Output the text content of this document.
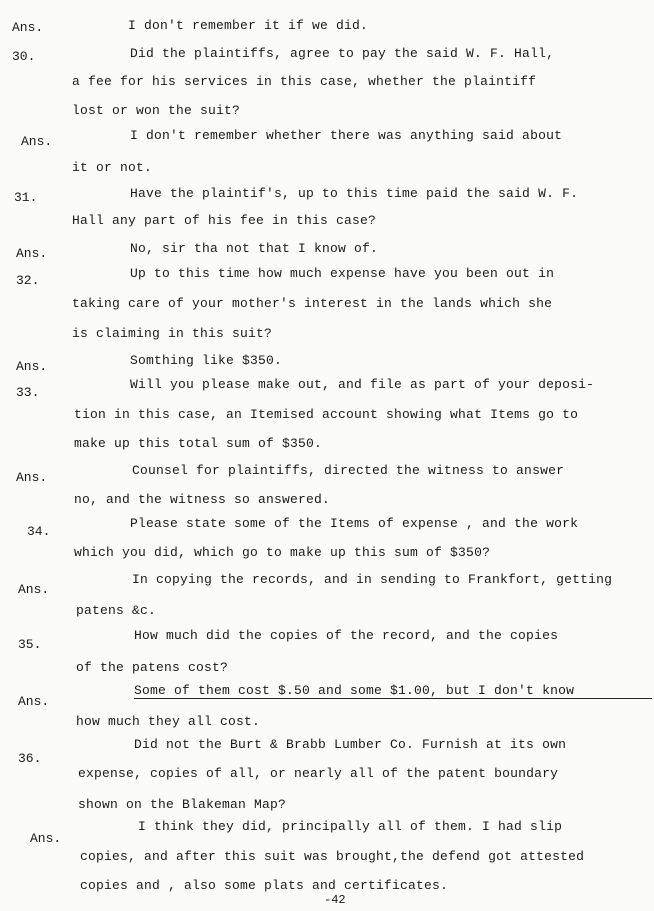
Ans.	I don't remember it if we did.
30.	Did the plaintiffs, agree to pay the said W. F. Hall,
a fee for his services in this case, whether the plaintiff
lost or won the suit?
Ans.	I don't remember whether there was anything said about
it or not.
31.	Have the plaintif's, up to this time paid the said W. F.
Hall any part of his fee in this case?
Ans.	No, sir tha not that I know of.
32.	Up to this time how much expense have you been out in
taking care of your mother's interest in the lands which she
is claiming in this suit?
Ans.	Somthing like $350.
33.
Will you please make out, and file as part of your deposi-
tion in this case, an Itemised account showing what Items go to
make up this total sum of $350.
Ans.	Counsel for plaintiffs, directed the witness to answer
no, and the witness so answered.
34.
Please state some of the Items of expense , and the work
which you did, which go to make up this sum of $350?
Ans.
In copying the records, and in sending to Frankfort, getting
patens &c.
35.
How much did the copies of the record, and the copies
of the patens cost?
Ans.
Some of them cost $.50 and some $1.00, but I don't know
how much they all cost.
36.
Did not the Burt & Brabb Lumber Co. Furnish at its own
expense, copies of all, or nearly all of the patent boundary
shown on the Blakeman Map?
Ans.
I think they did, principally all of them. I had slip
copies, and after this suit was brought,the defend got attested
copies and , also some plats and certificates.
-42
